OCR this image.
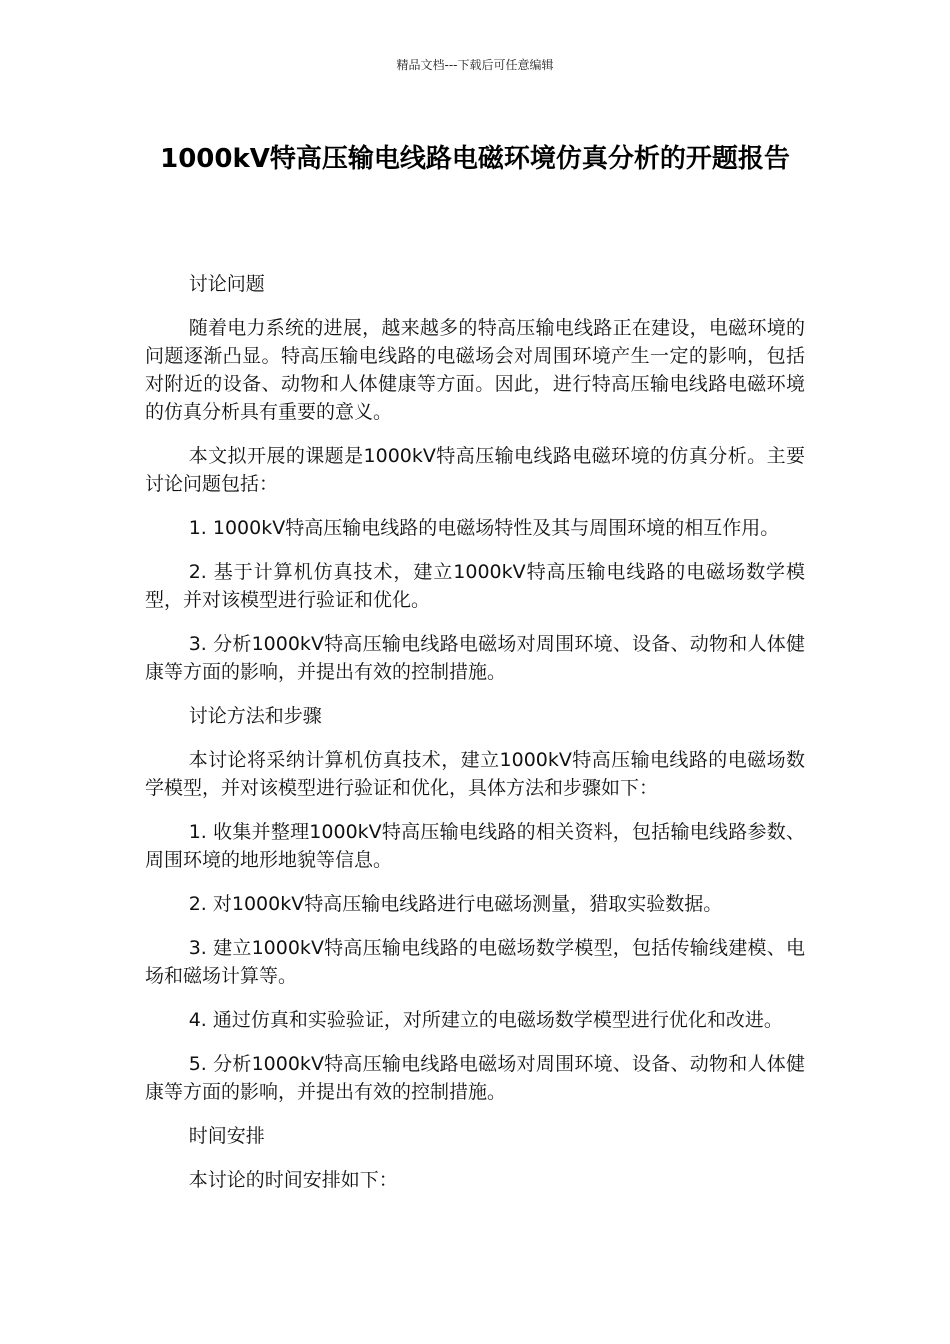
精品文档---下载后可任意编辑
1000kV特高压输电线路电磁环境仿真分析的开题报告

讨论问题

随着电力系统的进展，越来越多的特高压输电线路正在建设，电磁环境的问题逐渐凸显。特高压输电线路的电磁场会对周围环境产生一定的影响，包括对附近的设备、动物和人体健康等方面。因此，进行特高压输电线路电磁环境的仿真分析具有重要的意义。

本文拟开展的课题是1000kV特高压输电线路电磁环境的仿真分析。主要讨论问题包括：

1. 1000kV特高压输电线路的电磁场特性及其与周围环境的相互作用。

2. 基于计算机仿真技术，建立1000kV特高压输电线路的电磁场数学模型，并对该模型进行验证和优化。

3. 分析1000kV特高压输电线路电磁场对周围环境、设备、动物和人体健康等方面的影响，并提出有效的控制措施。

讨论方法和步骤

本讨论将采纳计算机仿真技术，建立1000kV特高压输电线路的电磁场数学模型，并对该模型进行验证和优化，具体方法和步骤如下：

1. 收集并整理1000kV特高压输电线路的相关资料，包括输电线路参数、周围环境的地形地貌等信息。

2. 对1000kV特高压输电线路进行电磁场测量，猎取实验数据。

3. 建立1000kV特高压输电线路的电磁场数学模型，包括传输线建模、电场和磁场计算等。

4. 通过仿真和实验验证，对所建立的电磁场数学模型进行优化和改进。

5. 分析1000kV特高压输电线路电磁场对周围环境、设备、动物和人体健康等方面的影响，并提出有效的控制措施。

时间安排

本讨论的时间安排如下：
